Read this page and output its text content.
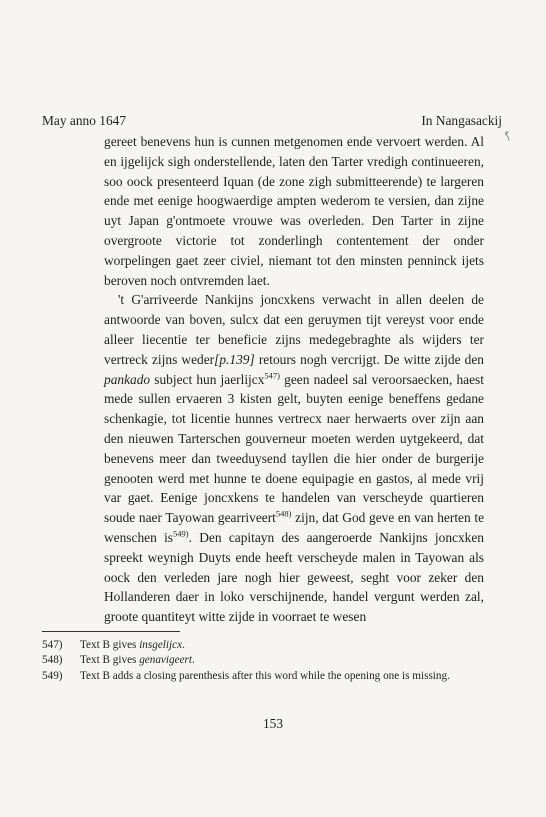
May anno 1647	In Nangasackij
ꝭ

gereet benevens hun is cunnen metgenomen ende vervoert werden. Al en ijgelijck sigh onderstellende, laten den Tarter vredigh continueeren, soo oock presenteerd Iquan (de zone zigh submitteerende) te largeren ende met eenige hoogwaerdige ampten wederom te versien, dan zijne uyt Japan g'ontmoete vrouwe was overleden. Den Tarter in zijne overgroote victorie tot zonderlingh contentement der onder worpelingen gaet zeer civiel, niemant tot den minsten penninck ijets beroven noch ontvremden laet.

't G'arriveerde Nankijns joncxkens verwacht in allen deelen de antwoorde van boven, sulcx dat een geruymen tijt vereyst voor ende alleer liecentie ter beneficie zijns medegebraghte als wijders ter vertreck zijns weder[p.139] retours nogh vercrijgt. De witte zijde den pankado subject hun jaerlijcx$^{547)}$ geen nadeel sal veroorsaecken, haest mede sullen ervaeren 3 kisten gelt, buyten eenige beneffens gedane schenkagie, tot licentie hunnes vertrecx naer herwaerts over zijn aan den nieuwen Tarterschen gouverneur moeten werden uytgekeerd, dat benevens meer dan tweeduysend tayllen die hier onder de burgerije genooten werd met hunne te doene equipagie en gastos, al mede vrij var gaet. Eenige joncxkens te handelen van verscheyde quartieren soude naer Tayowan gearriveert$^{548)}$ zijn, dat God geve en van herten te wenschen is$^{549)}$. Den capitayn des aangeroerde Nankijns joncxken spreekt weynigh Duyts ende heeft verscheyde malen in Tayowan als oock den verleden jare nogh hier geweest, seght voor zeker den Hollanderen daer in loko verschijnende, handel vergunt werden zal, groote quantiteyt witte zijde in voorraet te wesen

547) Text B gives insgelijcx.
548) Text B gives genavigeert.
549) Text B adds a closing parenthesis after this word while the opening one is missing.
153
